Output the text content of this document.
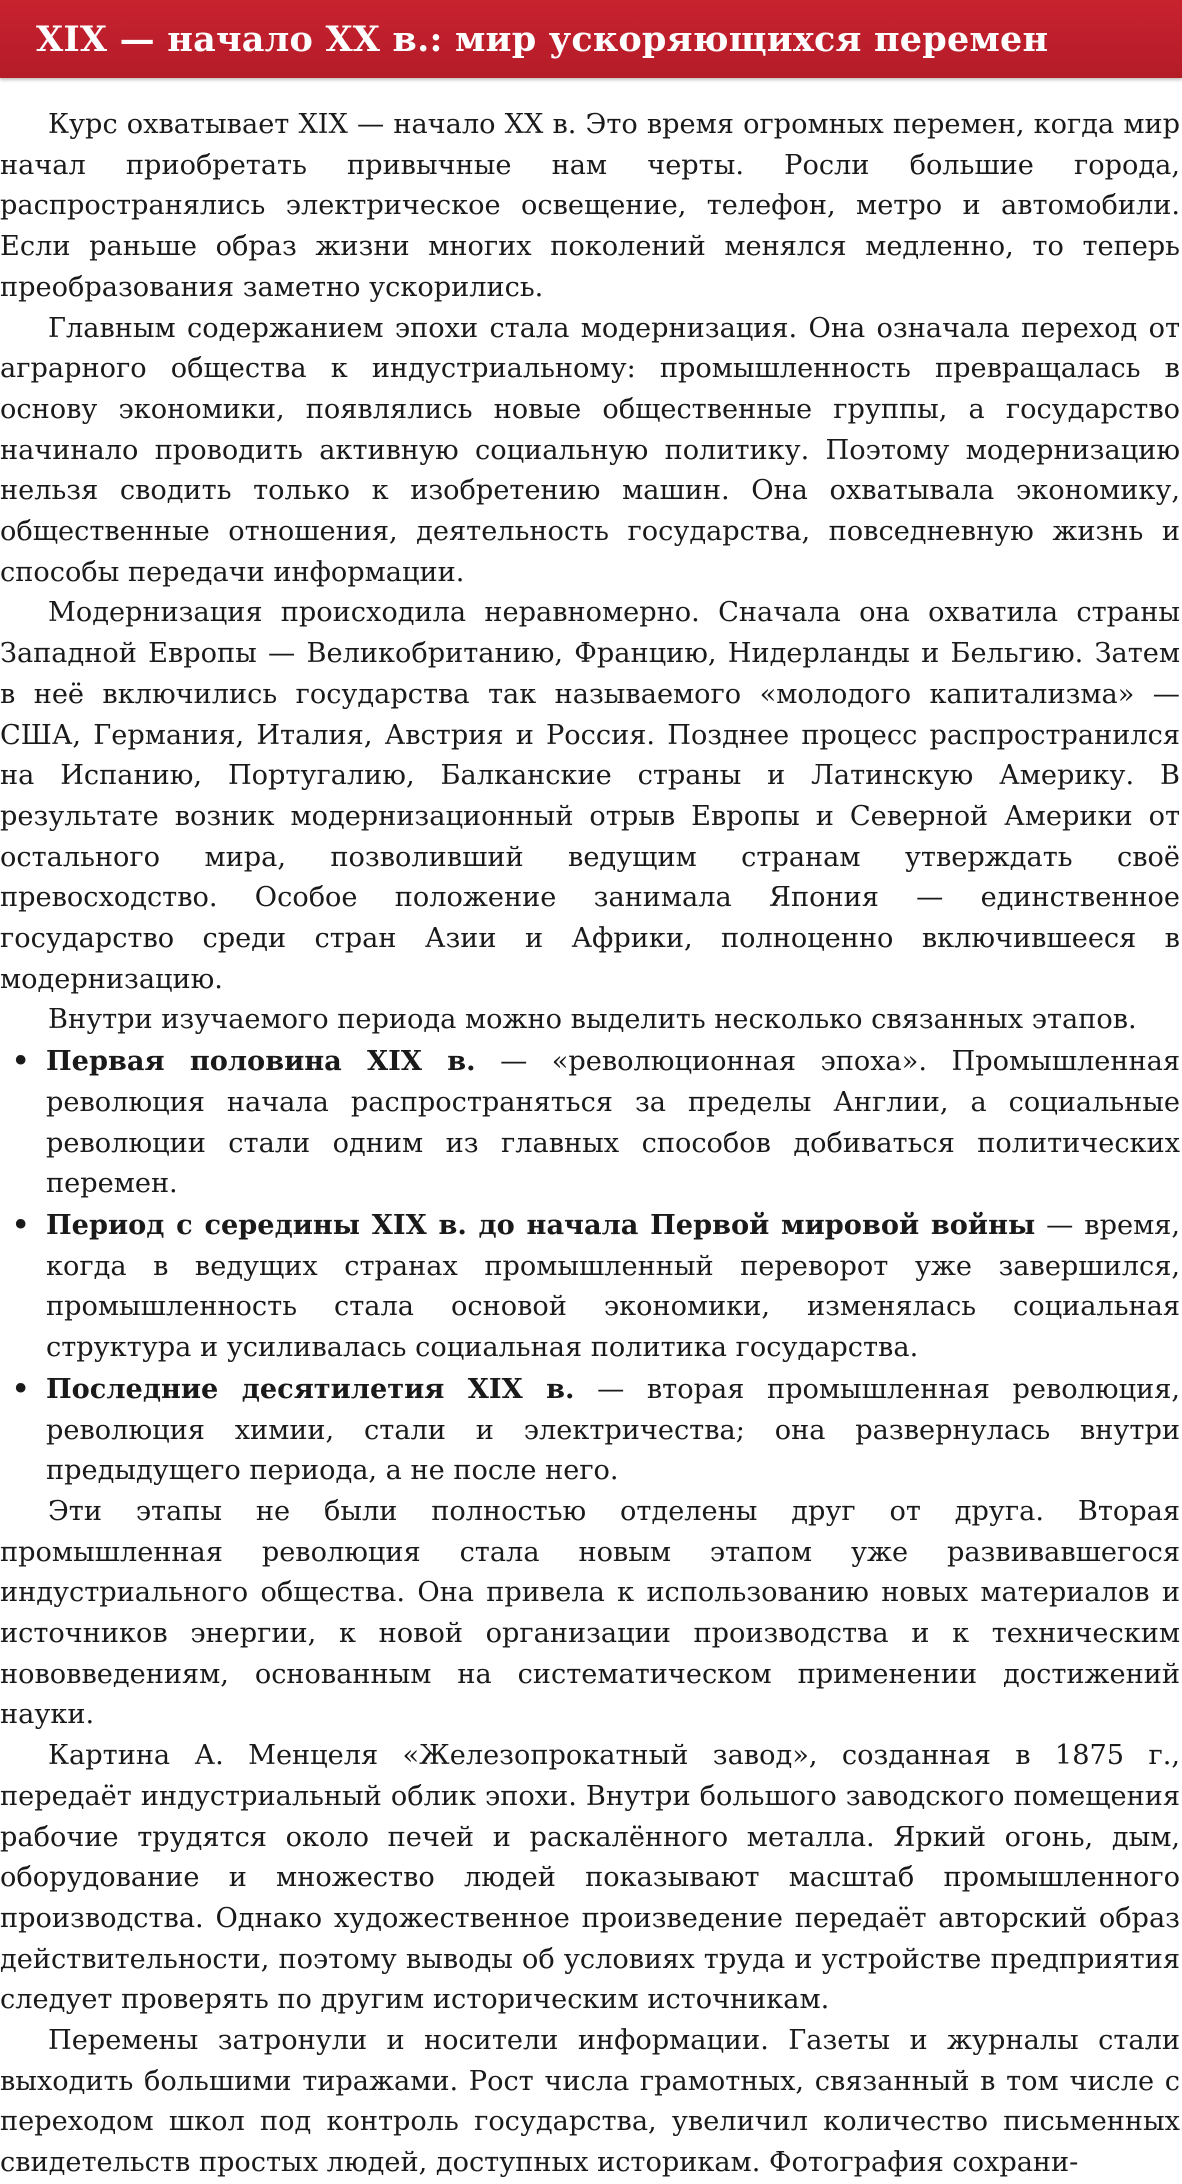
XIX — начало XX в.: мир ускоряющихся перемен

Курс охватывает XIX — начало XX в. Это время огромных перемен, когда мир начал приобретать привычные нам черты. Росли большие города, распространялись электрическое освещение, телефон, метро и автомобили. Если раньше образ жизни многих поколений менялся медленно, то теперь преобразования заметно ускорились.

Главным содержанием эпохи стала модернизация. Она означала переход от аграрного общества к индустриальному: промышленность превращалась в основу экономики, появлялись новые общественные группы, а государство начинало проводить активную социальную политику. Поэтому модернизацию нельзя сводить только к изобретению машин. Она охватывала экономику, общественные отношения, деятельность государства, повседневную жизнь и способы передачи информации.

Модернизация происходила неравномерно. Сначала она охватила страны Западной Европы — Великобританию, Францию, Нидерланды и Бельгию. Затем в неё включились государства так называемого «молодого капитализма» — США, Германия, Италия, Австрия и Россия. Позднее процесс распространился на Испанию, Португалию, Балканские страны и Латинскую Америку. В результате возник модернизационный отрыв Европы и Северной Америки от остального мира, позволивший ведущим странам утверждать своё превосходство. Особое положение занимала Япония — единственное государство среди стран Азии и Африки, полноценно включившееся в модернизацию.

Внутри изучаемого периода можно выделить несколько связанных этапов.

• Первая половина XIX в. — «революционная эпоха». Промышленная революция начала распространяться за пределы Англии, а социальные революции стали одним из главных способов добиваться политических перемен.
• Период с середины XIX в. до начала Первой мировой войны — время, когда в ведущих странах промышленный переворот уже завершился, промышленность стала основой экономики, изменялась социальная структура и усиливалась социальная политика государства.
• Последние десятилетия XIX в. — вторая промышленная революция, революция химии, стали и электричества; она развернулась внутри предыдущего периода, а не после него.

Эти этапы не были полностью отделены друг от друга. Вторая промышленная революция стала новым этапом уже развивавшегося индустриального общества. Она привела к использованию новых материалов и источников энергии, к новой организации производства и к техническим нововведениям, основанным на систематическом применении достижений науки.

Картина А. Менцеля «Железопрокатный завод», созданная в 1875 г., передаёт индустриальный облик эпохи. Внутри большого заводского помещения рабочие трудятся около печей и раскалённого металла. Яркий огонь, дым, оборудование и множество людей показывают масштаб промышленного производства. Однако художественное произведение передаёт авторский образ действительности, поэтому выводы об условиях труда и устройстве предприятия следует проверять по другим историческим источникам.

Перемены затронули и носители информации. Газеты и журналы стали выходить большими тиражами. Рост числа грамотных, связанный в том числе с переходом школ под контроль государства, увеличил количество письменных свидетельств простых людей, доступных историкам. Фотография сохрани-
